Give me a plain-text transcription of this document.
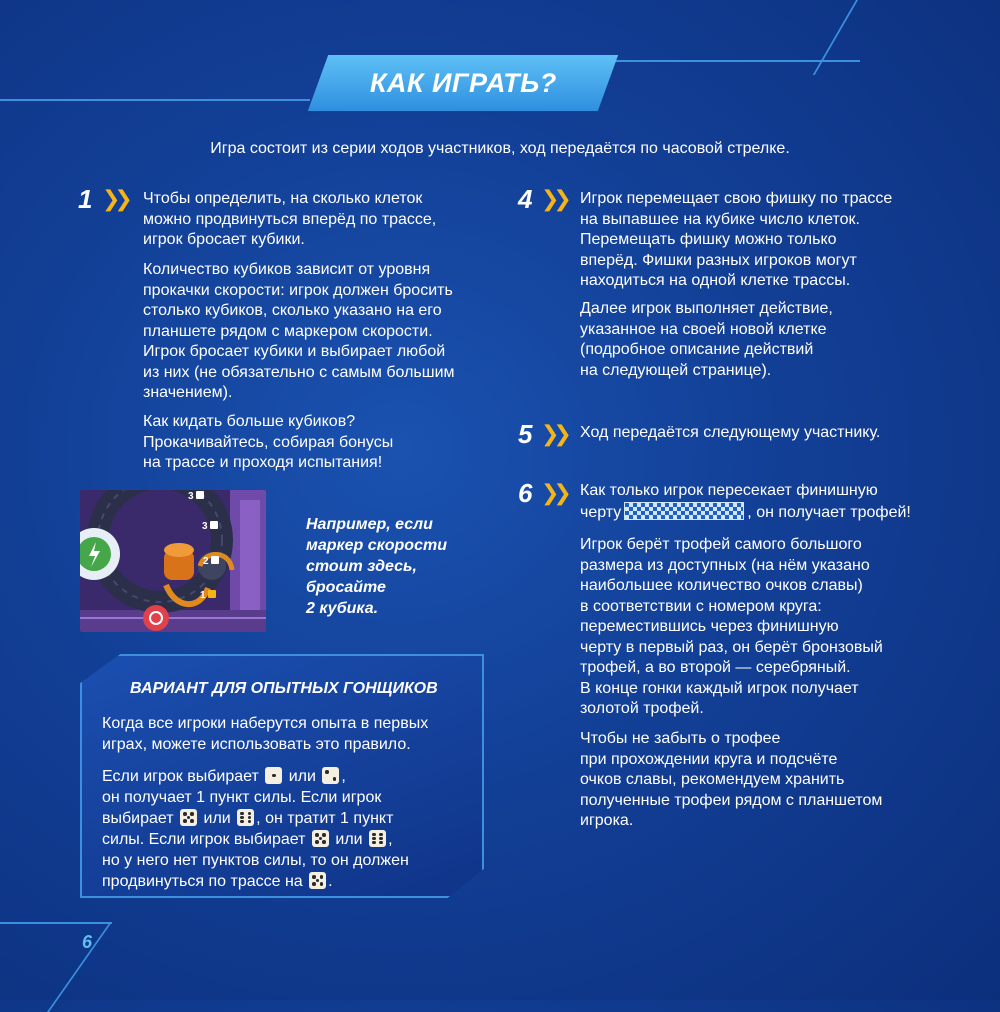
КАК ИГРАТЬ?
Игра состоит из серии ходов участников, ход передаётся по часовой стрелке.
1 ❯❯ Чтобы определить, на сколько клеток
можно продвинуться вперёд по трассе,
игрок бросает кубики.
Количество кубиков зависит от уровня
прокачки скорости: игрок должен бросить
столько кубиков, сколько указано на его
планшете рядом с маркером скорости.
Игрок бросает кубики и выбирает любой
из них (не обязательно с самым большим
значением).
Как кидать больше кубиков?
Прокачивайтесь, собирая бонусы
на трассе и проходя испытания!
3
3
2
1
Например, если
маркер скорости
стоит здесь, бросайте
2 кубика.
ВАРИАНТ ДЛЯ ОПЫТНЫХ ГОНЩИКОВ
Когда все игроки наберутся опыта в первых
играх, можете использовать это правило.
Если игрок выбирает или ,
он получает 1 пункт силы. Если игрок
выбирает или , он тратит 1 пункт
силы. Если игрок выбирает или ,
но у него нет пунктов силы, то он должен
продвинуться по трассе на .
4 ❯❯ Игрок перемещает свою фишку по трассе
на выпавшее на кубике число клеток.
Перемещать фишку можно только
вперёд. Фишки разных игроков могут
находиться на одной клетке трассы.
Далее игрок выполняет действие,
указанное на своей новой клетке
(подробное описание действий
на следующей странице).
5 ❯❯ Ход передаётся следующему участнику.
6 ❯❯ Как только игрок пересекает финишную
черту	, он получает трофей!
Игрок берёт трофей самого большого
размера из доступных (на нём указано
наибольшее количество очков славы)
в соответствии с номером круга:
переместившись через финишную
черту в первый раз, он берёт бронзовый
трофей, а во второй — серебряный.
В конце гонки каждый игрок получает
золотой трофей.
Чтобы не забыть о трофее
при прохождении круга и подсчёте
очков славы, рекомендуем хранить
полученные трофеи рядом с планшетом
игрока.
6
